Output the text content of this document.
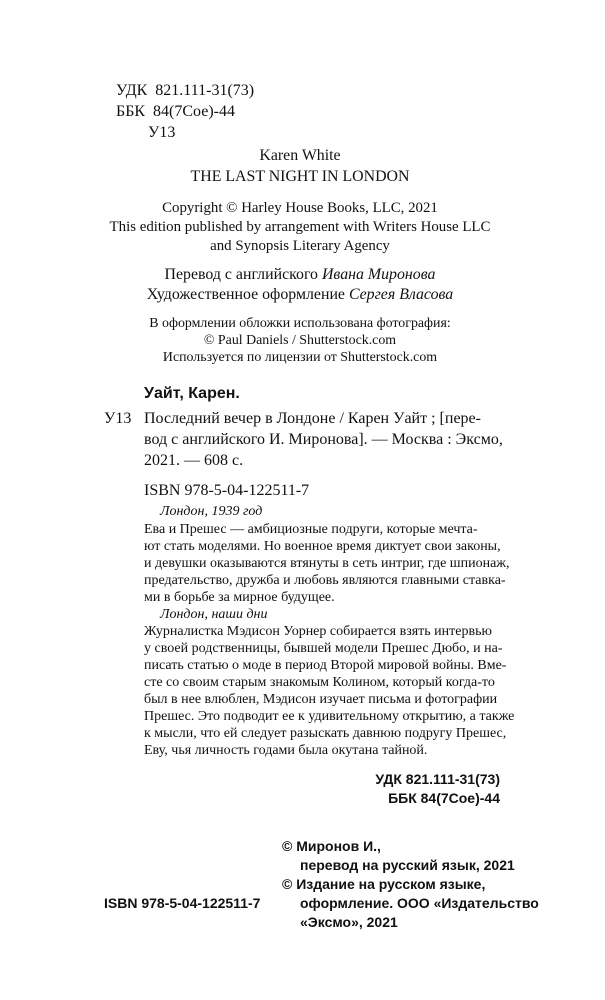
УДК 821.111-31(73)
ББК 84(7Сое)-44
У13
Karen White
THE LAST NIGHT IN LONDON
Copyright © Harley House Books, LLC, 2021
This edition published by arrangement with Writers House LLC
and Synopsis Literary Agency
Перевод с английского Ивана Миронова
Художественное оформление Сергея Власова
В оформлении обложки использована фотография:
© Paul Daniels / Shutterstock.com
Используется по лицензии от Shutterstock.com
Уайт, Карен.
У13 Последний вечер в Лондоне / Карен Уайт ; [пере-
вод с английского И. Миронова]. — Москва : Эксмо,
2021. — 608 с.
ISBN 978-5-04-122511-7
Лондон, 1939 год
Ева и Прешес — амбициозные подруги, которые мечта-
ют стать моделями. Но военное время диктует свои законы,
и девушки оказываются втянуты в сеть интриг, где шпионаж,
предательство, дружба и любовь являются главными ставка-
ми в борьбе за мирное будущее.
Лондон, наши дни
Журналистка Мэдисон Уорнер собирается взять интервью
у своей родственницы, бывшей модели Прешес Дюбо, и на-
писать статью о моде в период Второй мировой войны. Вме-
сте со своим старым знакомым Колином, который когда-то
был в нее влюблен, Мэдисон изучает письма и фотографии
Прешес. Это подводит ее к удивительному открытию, а также
к мысли, что ей следует разыскать давнюю подругу Прешес,
Еву, чья личность годами была окутана тайной.
УДК 821.111-31(73)
ББК 84(7Сое)-44
© Миронов И.,
перевод на русский язык, 2021
© Издание на русском языке,
оформление. ООО «Издательство
«Эксмо», 2021
ISBN 978-5-04-122511-7
